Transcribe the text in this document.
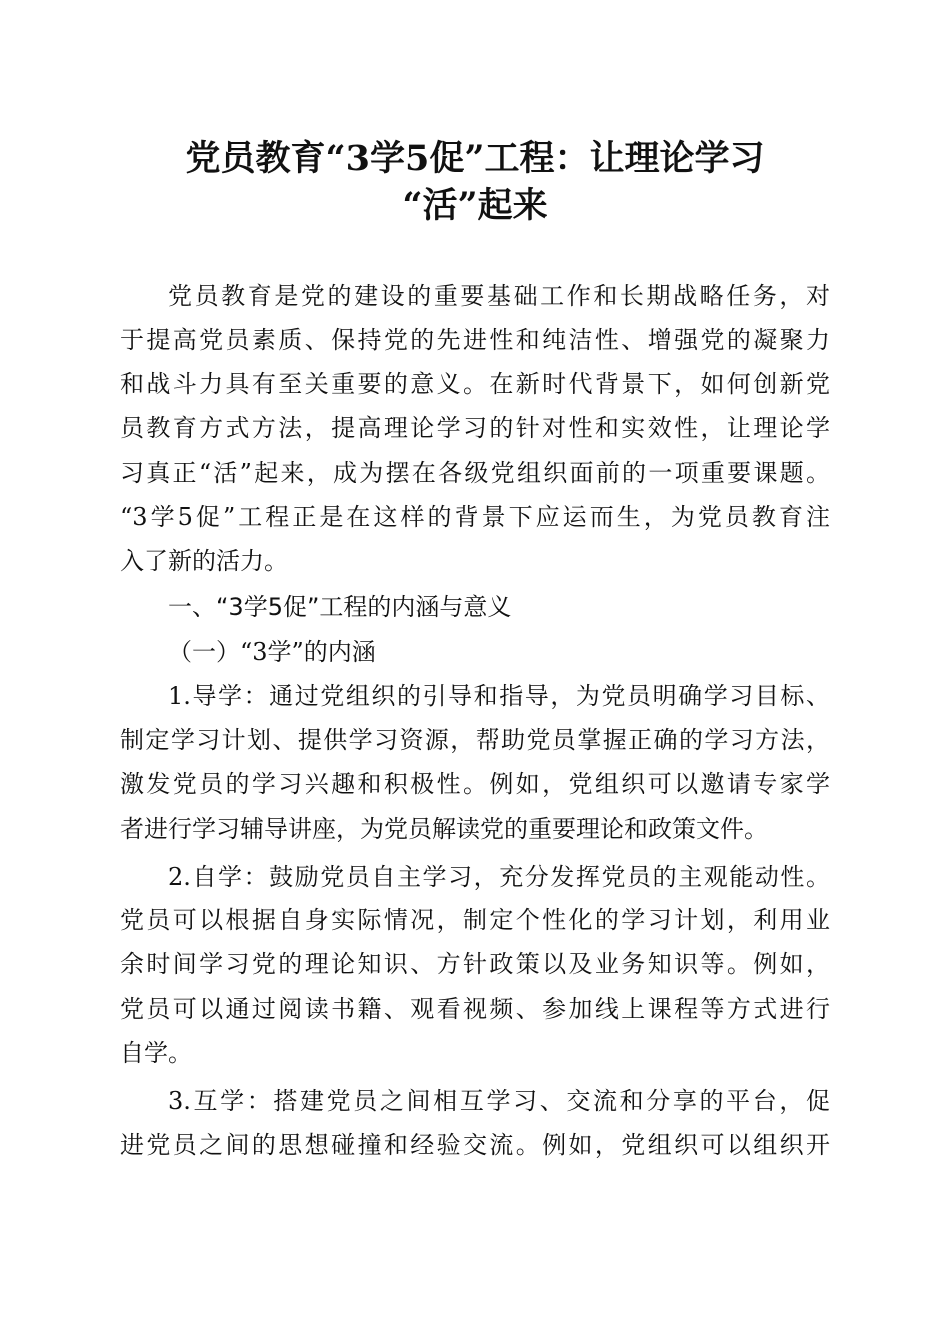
党员教育“3学5促”工程：让理论学习
“活”起来
党员教育是党的建设的重要基础工作和长期战略任务，对
于提高党员素质、保持党的先进性和纯洁性、增强党的凝聚力
和战斗力具有至关重要的意义。在新时代背景下，如何创新党
员教育方式方法，提高理论学习的针对性和实效性，让理论学
习真正“活”起来，成为摆在各级党组织面前的一项重要课题。
“3学5促”工程正是在这样的背景下应运而生，为党员教育注
入了新的活力。
一、“3学5促”工程的内涵与意义
（一）“3学”的内涵
1.导学：通过党组织的引导和指导，为党员明确学习目标、
制定学习计划、提供学习资源，帮助党员掌握正确的学习方法，
激发党员的学习兴趣和积极性。例如，党组织可以邀请专家学
者进行学习辅导讲座，为党员解读党的重要理论和政策文件。
2.自学：鼓励党员自主学习，充分发挥党员的主观能动性。
党员可以根据自身实际情况，制定个性化的学习计划，利用业
余时间学习党的理论知识、方针政策以及业务知识等。例如，
党员可以通过阅读书籍、观看视频、参加线上课程等方式进行
自学。
3.互学：搭建党员之间相互学习、交流和分享的平台，促
进党员之间的思想碰撞和经验交流。例如，党组织可以组织开
